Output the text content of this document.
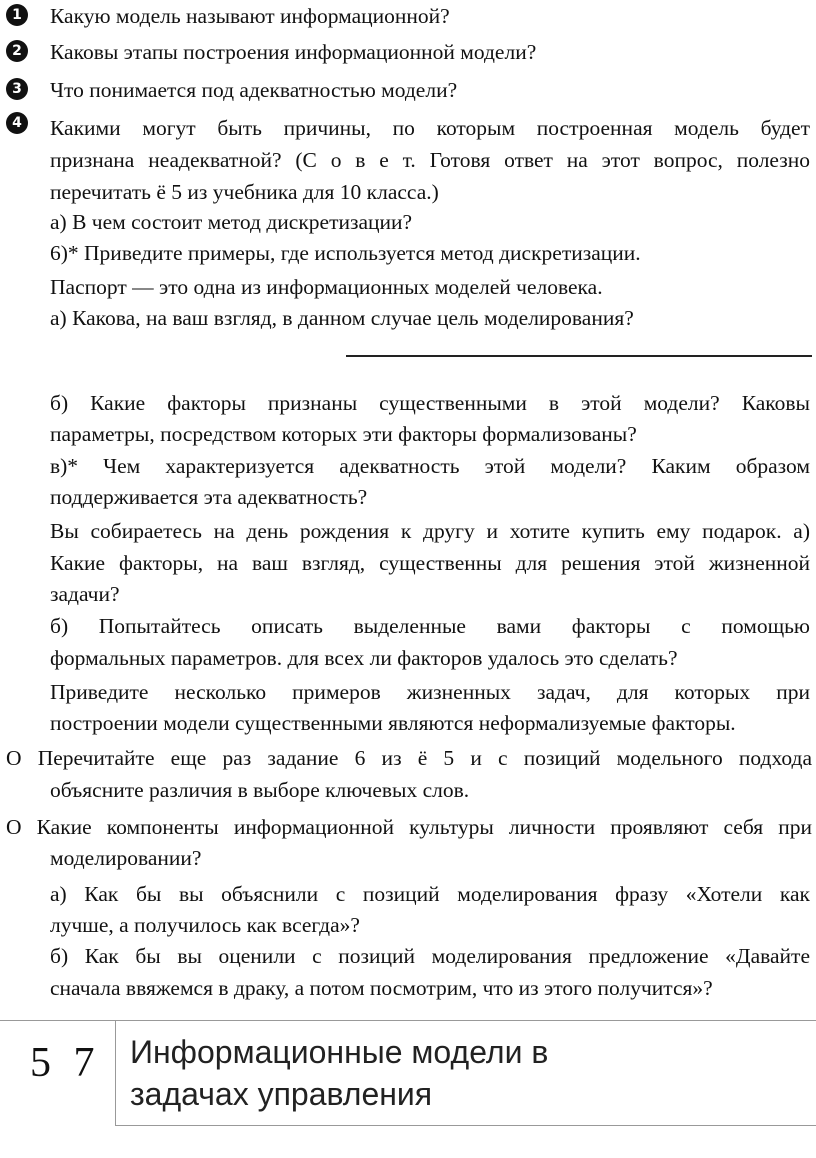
1 Какую модель называют информационной?
2 Каковы этапы построения информационной модели?
3 Что понимается под адекватностью модели?
4 Какими могут быть причины, по которым построенная модель будет
признана неадекватной? (С о в е т. Готовя ответ на этот вопрос, полезно
перечитать ё 5 из учебника для 10 класса.)
а) В чем состоит метод дискретизации?
6)* Приведите примеры, где используется метод дискретизации.
Паспорт — это одна из информационных моделей человека.
а) Какова, на ваш взгляд, в данном случае цель моделирования?
б) Какие факторы признаны существенными в этой модели? Каковы
параметры, посредством которых эти факторы формализованы?
в)* Чем характеризуется адекватность этой модели? Каким образом
поддерживается эта адекватность?
Вы собираетесь на день рождения к другу и хотите купить ему подарок. а)
Какие факторы, на ваш взгляд, существенны для решения этой жизненной
задачи?
б) Попытайтесь описать выделенные вами факторы с помощью
формальных параметров. для всех ли факторов удалось это сделать?
Приведите несколько примеров жизненных задач, для которых при
построении модели существенными являются неформализуемые факторы.
О Перечитайте еще раз задание 6 из ё 5 и с позиций модельного подхода
объясните различия в выборе ключевых слов.
О Какие компоненты информационной культуры личности проявляют себя при
моделировании?
а) Как бы вы объяснили с позиций моделирования фразу «Хотели как
лучше, а получилось как всегда»?
б) Как бы вы оценили с позиций моделирования предложение «Давайте
сначала ввяжемся в драку, а потом посмотрим, что из этого получится»?
5 7 Информационные модели в
задачах управления
